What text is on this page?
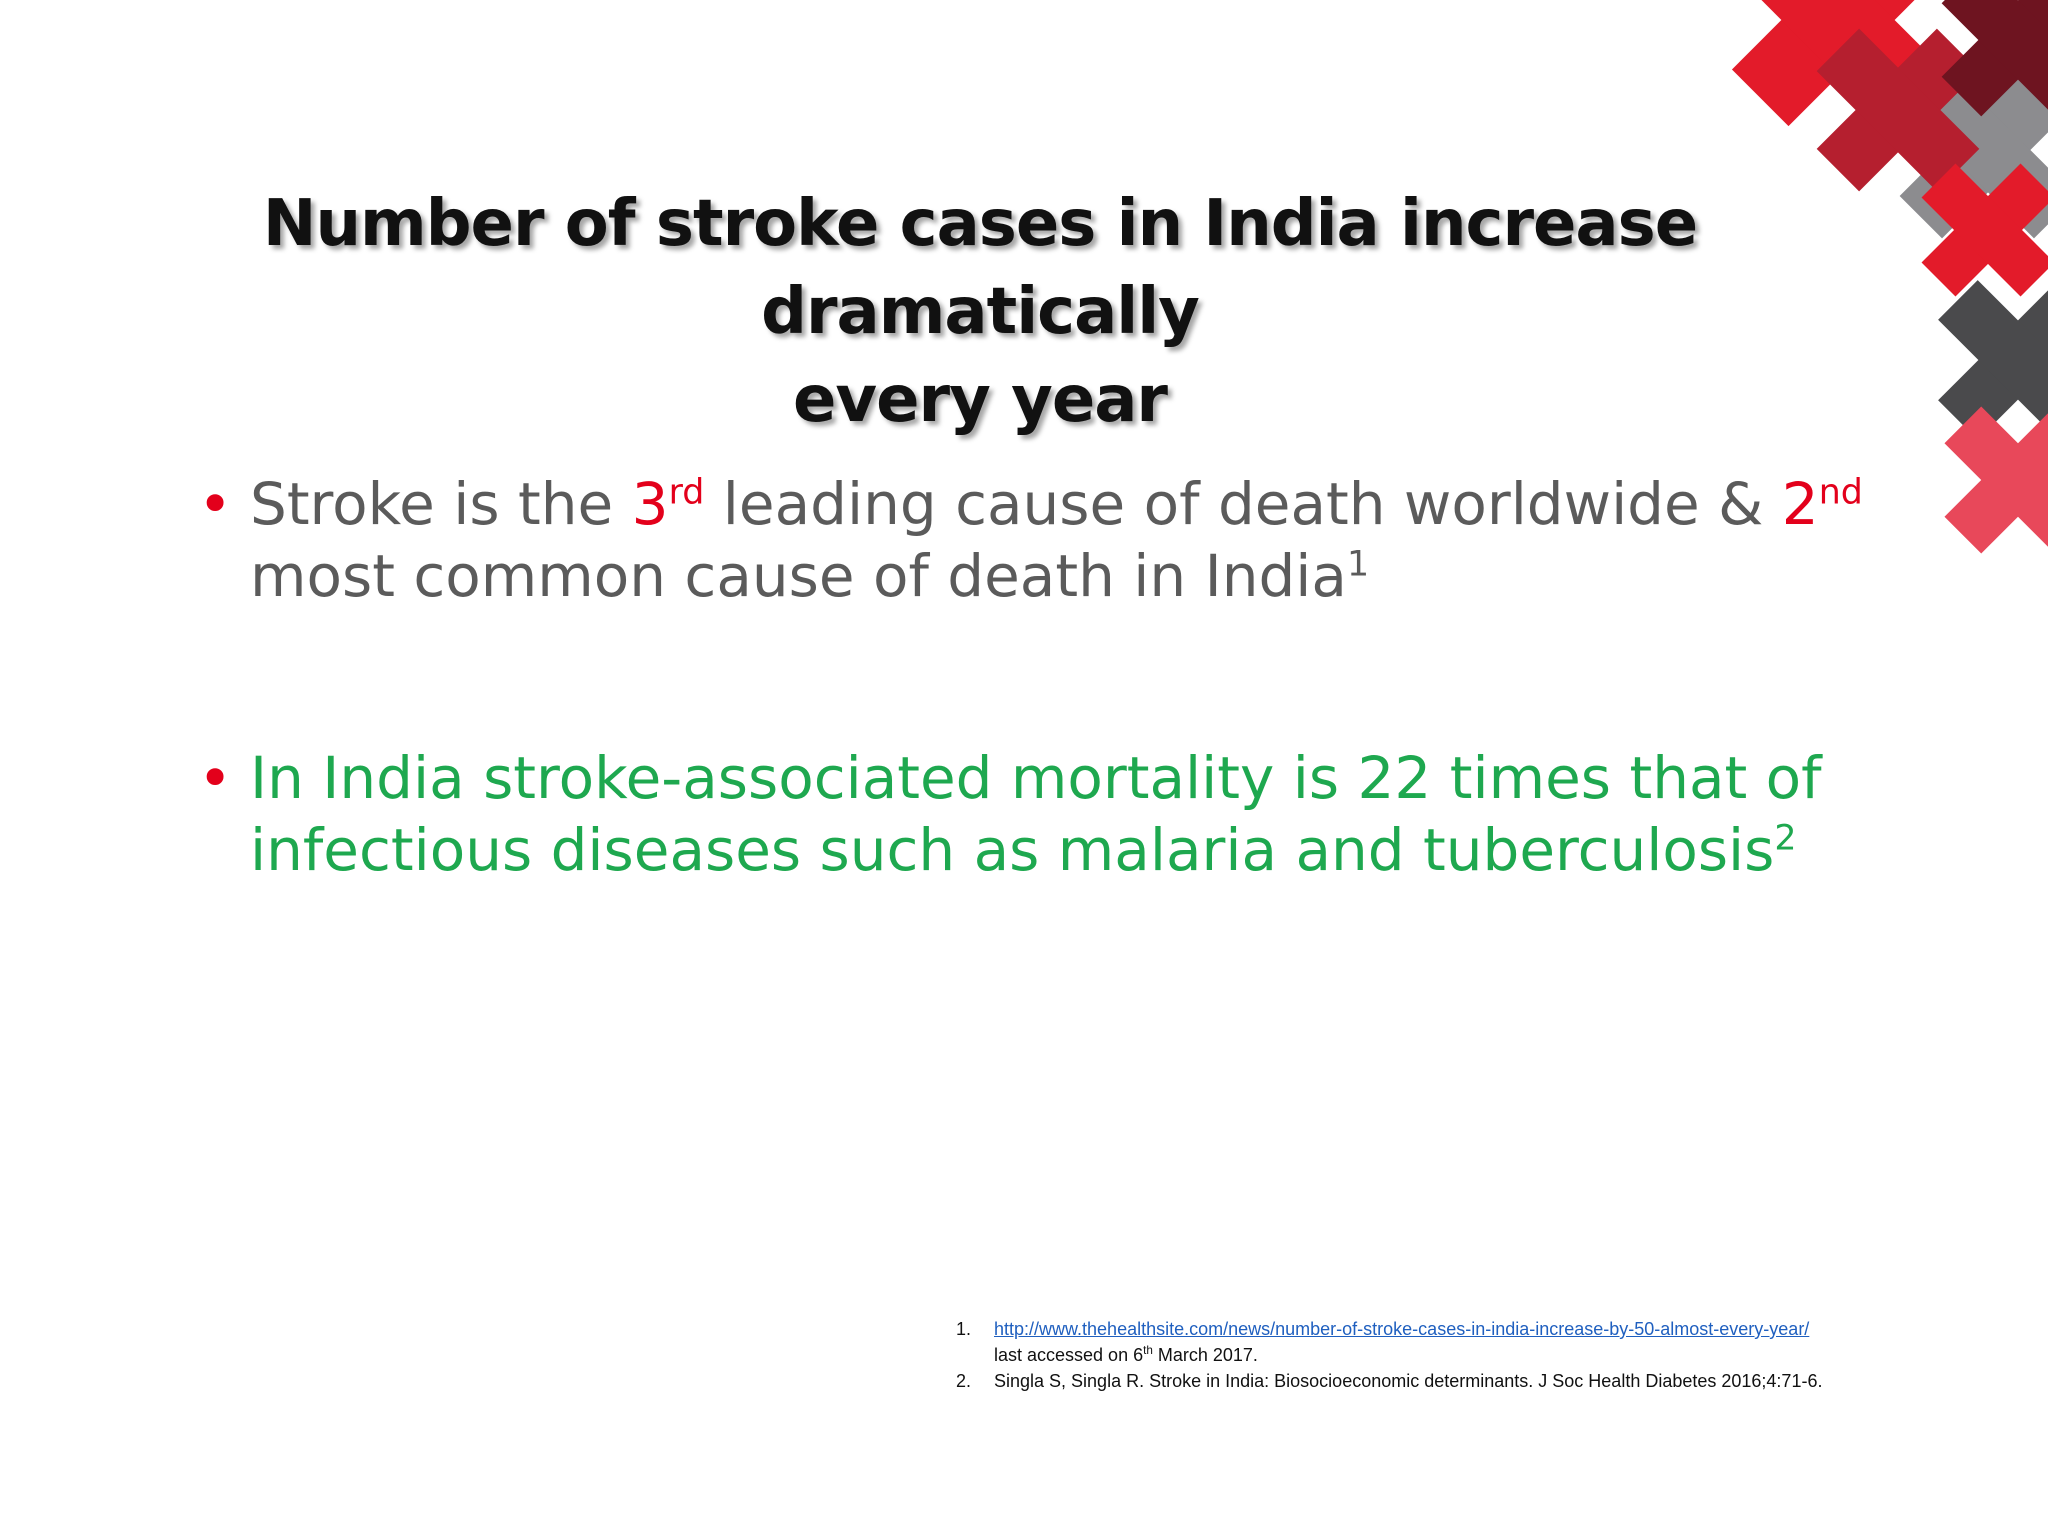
Number of stroke cases in India increase dramatically
every year
• Stroke is the 3rd leading cause of death worldwide & 2nd most common cause of death in India$^1$
• In India stroke-associated mortality is 22 times that of infectious diseases such as malaria and tuberculosis$^2$
1. http://www.thehealthsite.com/news/number-of-stroke-cases-in-india-increase-by-50-almost-every-year/
last accessed on 6th March 2017.
2. Singla S, Singla R. Stroke in India: Biosocioeconomic determinants. J Soc Health Diabetes 2016;4:71-6.
